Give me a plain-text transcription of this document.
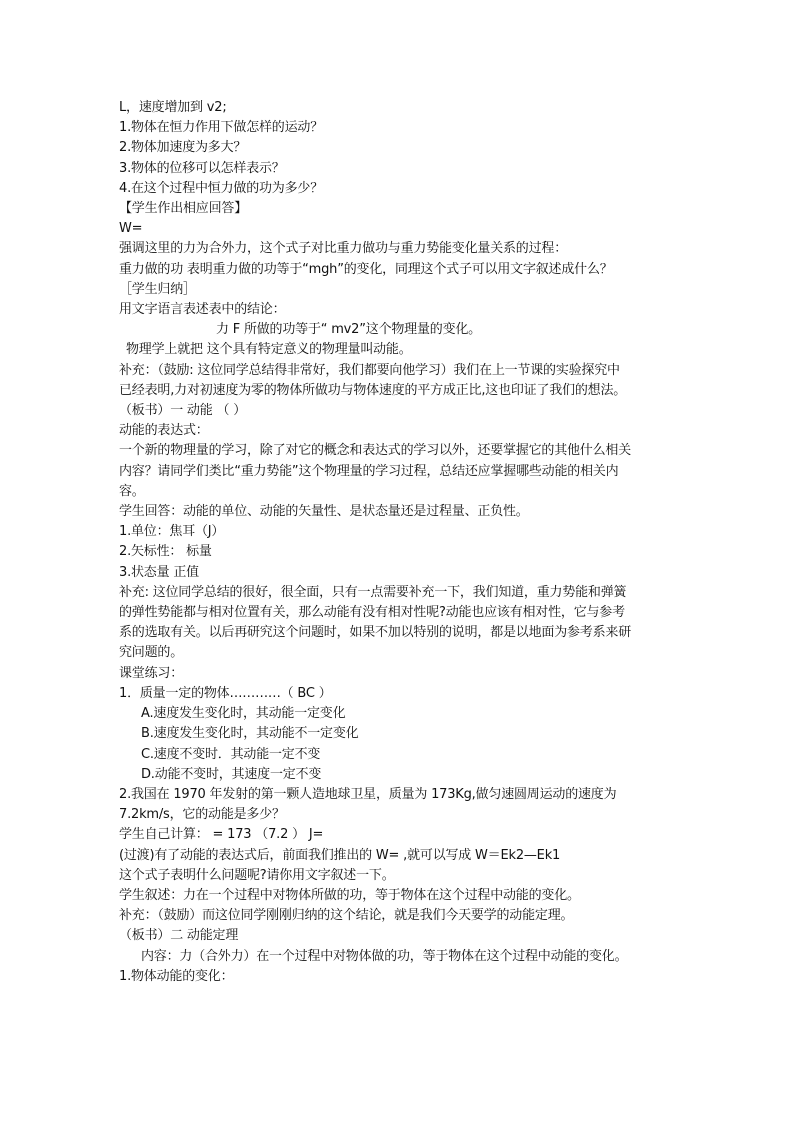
L，速度增加到 v2;
1.物体在恒力作用下做怎样的运动？
2.物体加速度为多大？
3.物体的位移可以怎样表示？
4.在这个过程中恒力做的功为多少？
【学生作出相应回答】
W=
强调这里的力为合外力，这个式子对比重力做功与重力势能变化量关系的过程：
重力做的功 表明重力做的功等于“mgh”的变化，同理这个式子可以用文字叙述成什么？
［学生归纳］
用文字语言表述表中的结论：
力 F 所做的功等于“ mv2”这个物理量的变化。
物理学上就把 这个具有特定意义的物理量叫动能。
补充：（鼓励: 这位同学总结得非常好，我们都要向他学习）我们在上一节课的实验探究中
已经表明,力对初速度为零的物体所做功与物体速度的平方成正比,这也印证了我们的想法。
（板书）一 动能 （ ）
动能的表达式：
一个新的物理量的学习，除了对它的概念和表达式的学习以外，还要掌握它的其他什么相关
内容？请同学们类比“重力势能”这个物理量的学习过程，总结还应掌握哪些动能的相关内
容。
学生回答：动能的单位、动能的矢量性、是状态量还是过程量、正负性。
1.单位：焦耳（J）
2.矢标性： 标量
3.状态量 正值
补充: 这位同学总结的很好，很全面，只有一点需要补充一下，我们知道，重力势能和弹簧
的弹性势能都与相对位置有关，那么动能有没有相对性呢?动能也应该有相对性，它与参考
系的选取有关。以后再研究这个问题时，如果不加以特别的说明，都是以地面为参考系来研
究问题的。
课堂练习：
1．质量一定的物体…………（ BC ）
A.速度发生变化时，其动能一定变化
B.速度发生变化时，其动能不一定变化
C.速度不变时．其动能一定不变
D.动能不变时，其速度一定不变
2.我国在 1970 年发射的第一颗人造地球卫星，质量为 173Kg,做匀速圆周运动的速度为
7.2km/s，它的动能是多少？
学生自己计算： = 173 （7.2 ） J=
(过渡)有了动能的表达式后，前面我们推出的 W= ,就可以写成 W＝Ek2—Ek1
这个式子表明什么问题呢?请你用文字叙述一下。
学生叙述：力在一个过程中对物体所做的功，等于物体在这个过程中动能的变化。
补充：（鼓励）而这位同学刚刚归纳的这个结论，就是我们今天要学的动能定理。
（板书）二 动能定理
内容：力（合外力）在一个过程中对物体做的功，等于物体在这个过程中动能的变化。
1.物体动能的变化：
